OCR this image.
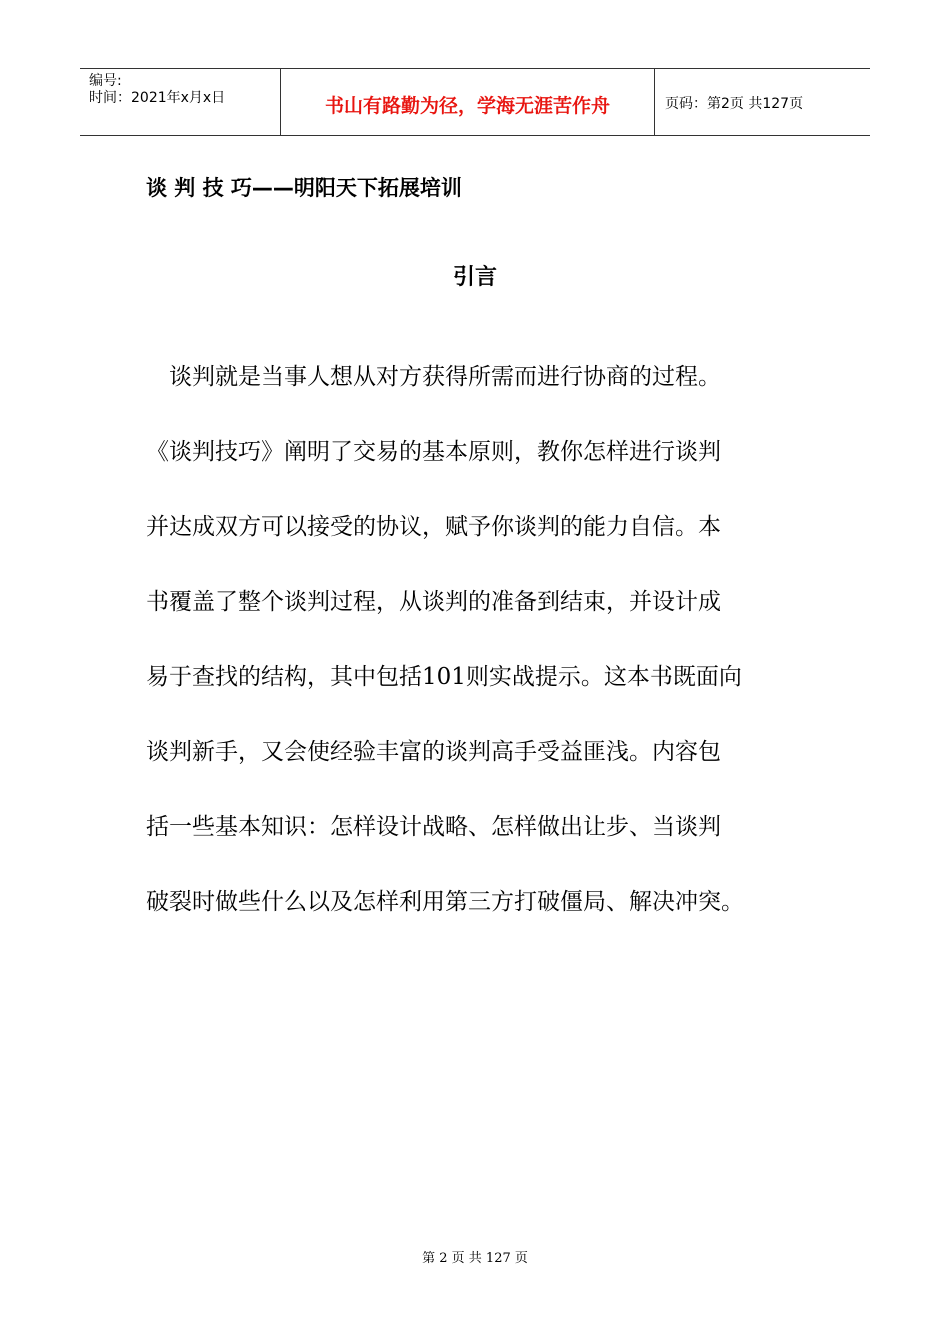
编号:
时间：2021年x月x日	书山有路勤为径，学海无涯苦作舟	页码：第2页 共127页
谈 判 技 巧——明阳天下拓展培训
引言

　谈判就是当事人想从对方获得所需而进行协商的过程。

《谈判技巧》阐明了交易的基本原则，教你怎样进行谈判

并达成双方可以接受的协议，赋予你谈判的能力自信。本

书覆盖了整个谈判过程，从谈判的准备到结束，并设计成

易于查找的结构，其中包括101则实战提示。这本书既面向

谈判新手，又会使经验丰富的谈判高手受益匪浅。内容包

括一些基本知识：怎样设计战略、怎样做出让步、当谈判

破裂时做些什么以及怎样利用第三方打破僵局、解决冲突。

第 2 页 共 127 页
